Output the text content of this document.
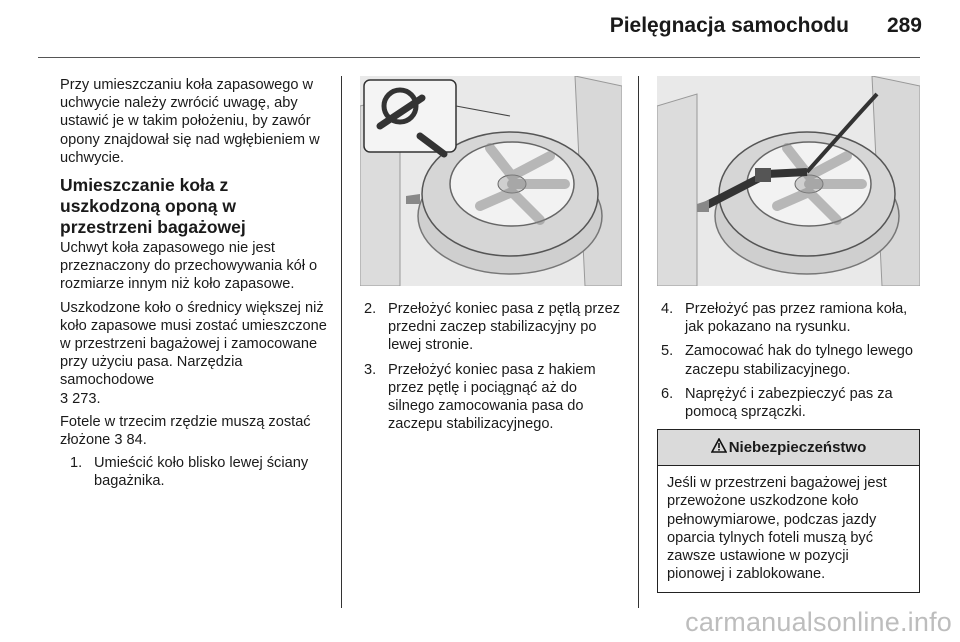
Pielęgnacja samochodu 289

Przy umieszczaniu koła zapasowego w uchwycie należy zwrócić uwagę, aby ustawić je w takim położeniu, by zawór opony znajdował się nad wgłębieniem w uchwycie.

Umieszczanie koła z uszkodzoną oponą w przestrzeni bagażowej

Uchwyt koła zapasowego nie jest przeznaczony do przechowywania kół o rozmiarze innym niż koło zapasowe.

Uszkodzone koło o średnicy większej niż koło zapasowe musi zostać umieszczone w przestrzeni bagażowej i zamocowane przy użyciu pasa. Narzędzia samochodowe
3 273.

Fotele w trzecim rzędzie muszą zostać złożone 3 84.

1. Umieścić koło blisko lewej ściany bagażnika.
2. Przełożyć koniec pasa z pętlą przez przedni zaczep stabilizacyjny po lewej stronie.
3. Przełożyć koniec pasa z hakiem przez pętlę i pociągnąć aż do silnego zamocowania pasa do zaczepu stabilizacyjnego.
4. Przełożyć pas przez ramiona koła, jak pokazano na rysunku.
5. Zamocować hak do tylnego lewego zaczepu stabilizacyjnego.
6. Naprężyć i zabezpieczyć pas za pomocą sprzączki.
Niebezpieczeństwo
Jeśli w przestrzeni bagażowej jest przewożone uszkodzone koło pełnowymiarowe, podczas jazdy oparcia tylnych foteli muszą być zawsze ustawione w pozycji pionowej i zablokowane.
carmanualsonline.info
